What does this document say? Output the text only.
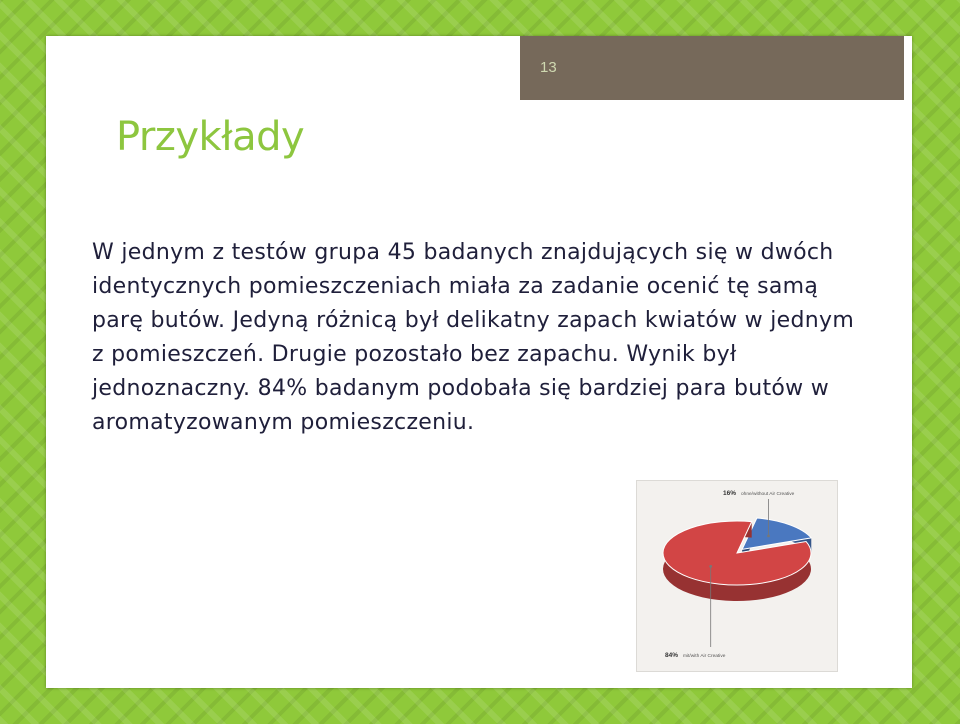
13
Przykłady

W jednym z testów grupa 45 badanych znajdujących się w dwóch identycznych pomieszczeniach miała za zadanie ocenić tę samą parę butów. Jedyną różnicą był delikatny zapach kwiatów w jednym z pomieszczeń. Drugie pozostało bez zapachu. Wynik był jednoznaczny. 84% badanym podobała się bardziej para butów w aromatyzowanym pomieszczeniu.

16% ohne/without Air Creative
84% mit/with Air Creative
